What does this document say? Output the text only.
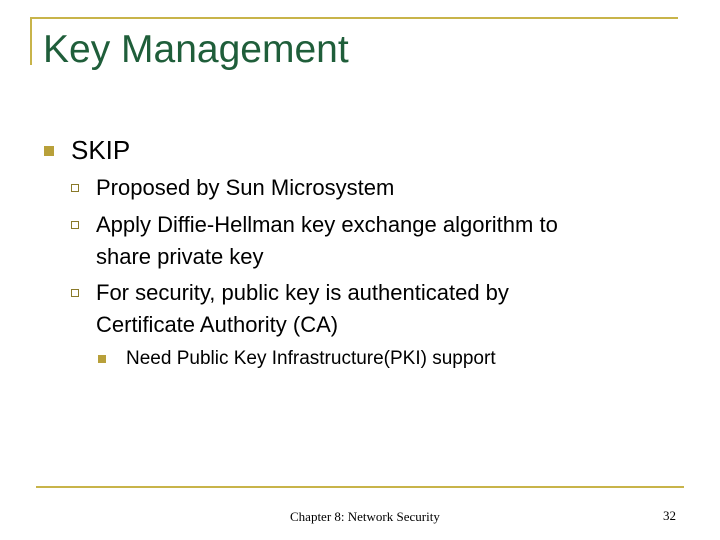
Key Management
SKIP
Proposed by Sun Microsystem
Apply Diffie-Hellman key exchange algorithm to
share private key
For security, public key is authenticated by
Certificate Authority (CA)
Need Public Key Infrastructure(PKI) support
Chapter 8: Network Security	32
